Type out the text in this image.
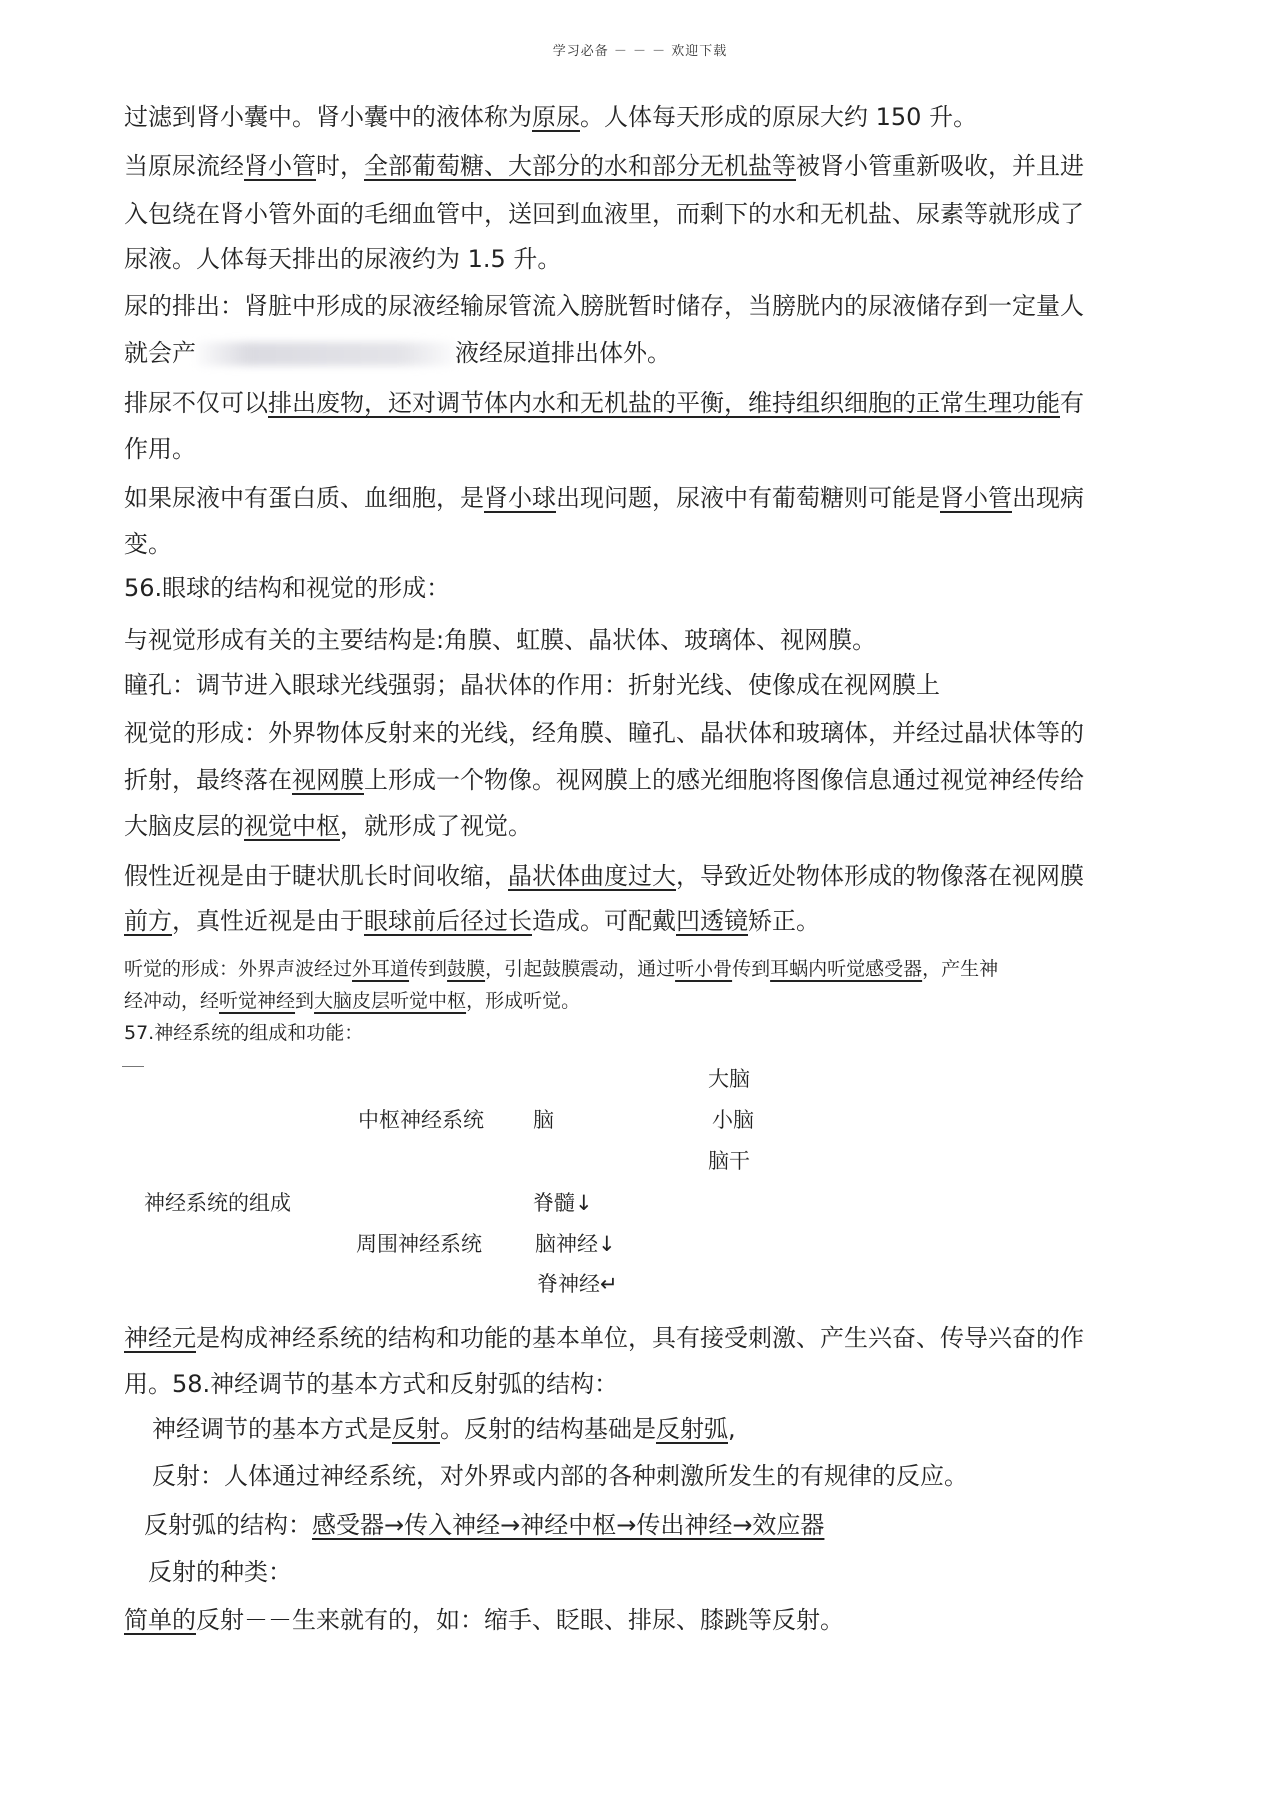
学习必备 － － － 欢迎下载
过滤到肾小囊中。肾小囊中的液体称为原尿。人体每天形成的原尿大约 150 升。
当原尿流经肾小管时，全部葡萄糖、大部分的水和部分无机盐等被肾小管重新吸收，并且进
入包绕在肾小管外面的毛细血管中，送回到血液里，而剩下的水和无机盐、尿素等就形成了
尿液。人体每天排出的尿液约为 1.5 升。
尿的排出：肾脏中形成的尿液经输尿管流入膀胱暂时储存，当膀胱内的尿液储存到一定量人
就会产	液经尿道排出体外。
排尿不仅可以排出废物，还对调节体内水和无机盐的平衡，维持组织细胞的正常生理功能有
作用。
如果尿液中有蛋白质、血细胞，是肾小球出现问题，尿液中有葡萄糖则可能是肾小管出现病
变。
56.眼球的结构和视觉的形成：
与视觉形成有关的主要结构是:角膜、虹膜、晶状体、玻璃体、视网膜。
瞳孔：调节进入眼球光线强弱；晶状体的作用：折射光线、使像成在视网膜上
视觉的形成：外界物体反射来的光线，经角膜、瞳孔、晶状体和玻璃体，并经过晶状体等的
折射，最终落在视网膜上形成一个物像。视网膜上的感光细胞将图像信息通过视觉神经传给
大脑皮层的视觉中枢，就形成了视觉。
假性近视是由于睫状肌长时间收缩，晶状体曲度过大，导致近处物体形成的物像落在视网膜
前方，真性近视是由于眼球前后径过长造成。可配戴凹透镜矫正。
听觉的形成：外界声波经过外耳道传到鼓膜，引起鼓膜震动，通过听小骨传到耳蜗内听觉感受器，产生神
经冲动，经听觉神经到大脑皮层听觉中枢，形成听觉。
57.神经系统的组成和功能：
大脑
中枢神经系统 脑	小脑
脑干
神经系统的组成	脊髓↓
周围神经系统	脑神经↓
脊神经↵
神经元是构成神经系统的结构和功能的基本单位，具有接受刺激、产生兴奋、传导兴奋的作
用。58.神经调节的基本方式和反射弧的结构：
神经调节的基本方式是反射。反射的结构基础是反射弧,
反射：人体通过神经系统，对外界或内部的各种刺激所发生的有规律的反应。
反射弧的结构：感受器→传入神经→神经中枢→传出神经→效应器
反射的种类：
简单的反射－－生来就有的，如：缩手、眨眼、排尿、膝跳等反射。
